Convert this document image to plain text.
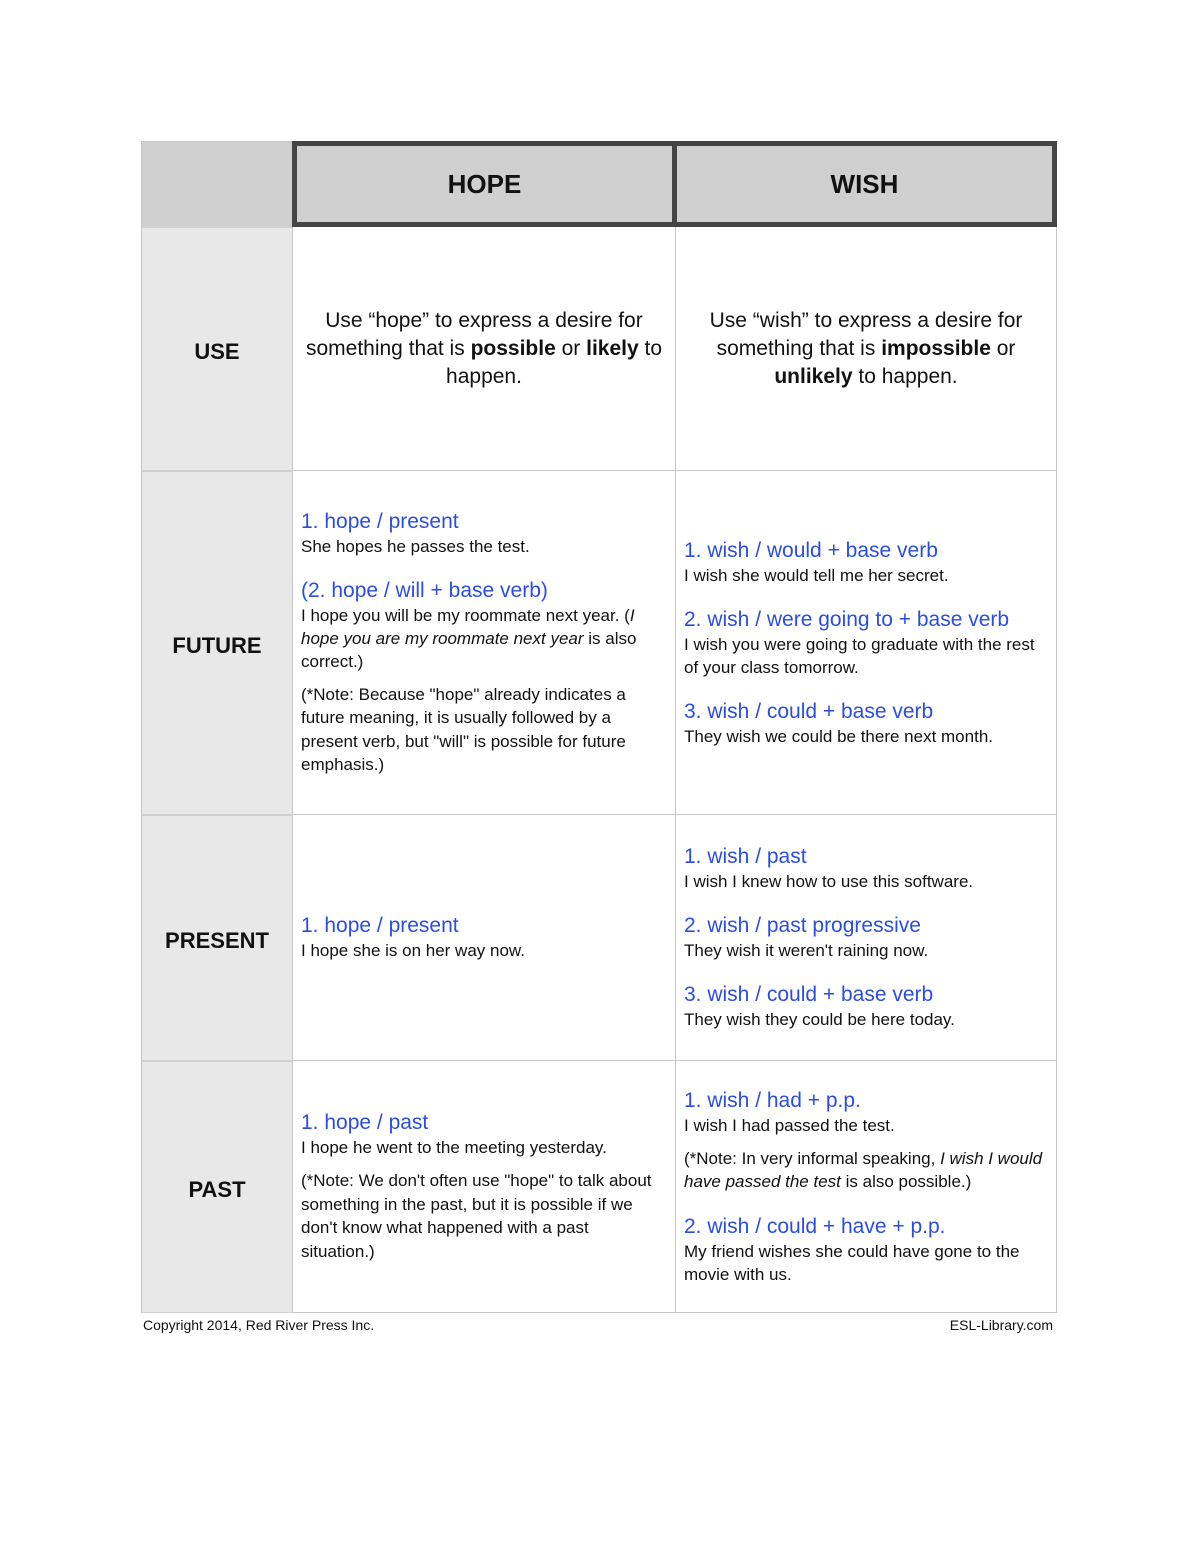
HOPE	WISH
USE
Use “hope” to express a desire for something that is possible or likely to happen.
Use “wish” to express a desire for something that is impossible or unlikely to happen.
FUTURE
1. hope / present
She hopes he passes the test.
(2. hope / will + base verb)
I hope you will be my roommate next year. (I hope you are my roommate next year is also correct.)
(*Note: Because "hope" already indicates a future meaning, it is usually followed by a present verb, but "will" is possible for future emphasis.)
1. wish / would + base verb
I wish she would tell me her secret.
2. wish / were going to + base verb
I wish you were going to graduate with the rest of your class tomorrow.
3. wish / could + base verb
They wish we could be there next month.
PRESENT
1. hope / present
I hope she is on her way now.
1. wish / past
I wish I knew how to use this software.
2. wish / past progressive
They wish it weren't raining now.
3. wish / could + base verb
They wish they could be here today.
PAST
1. hope / past
I hope he went to the meeting yesterday.
(*Note: We don't often use "hope" to talk about something in the past, but it is possible if we don't know what happened with a past situation.)
1. wish / had + p.p.
I wish I had passed the test.
(*Note: In very informal speaking, I wish I would have passed the test is also possible.)
2. wish / could + have + p.p.
My friend wishes she could have gone to the movie with us.
Copyright 2014, Red River Press Inc.	ESL-Library.com
